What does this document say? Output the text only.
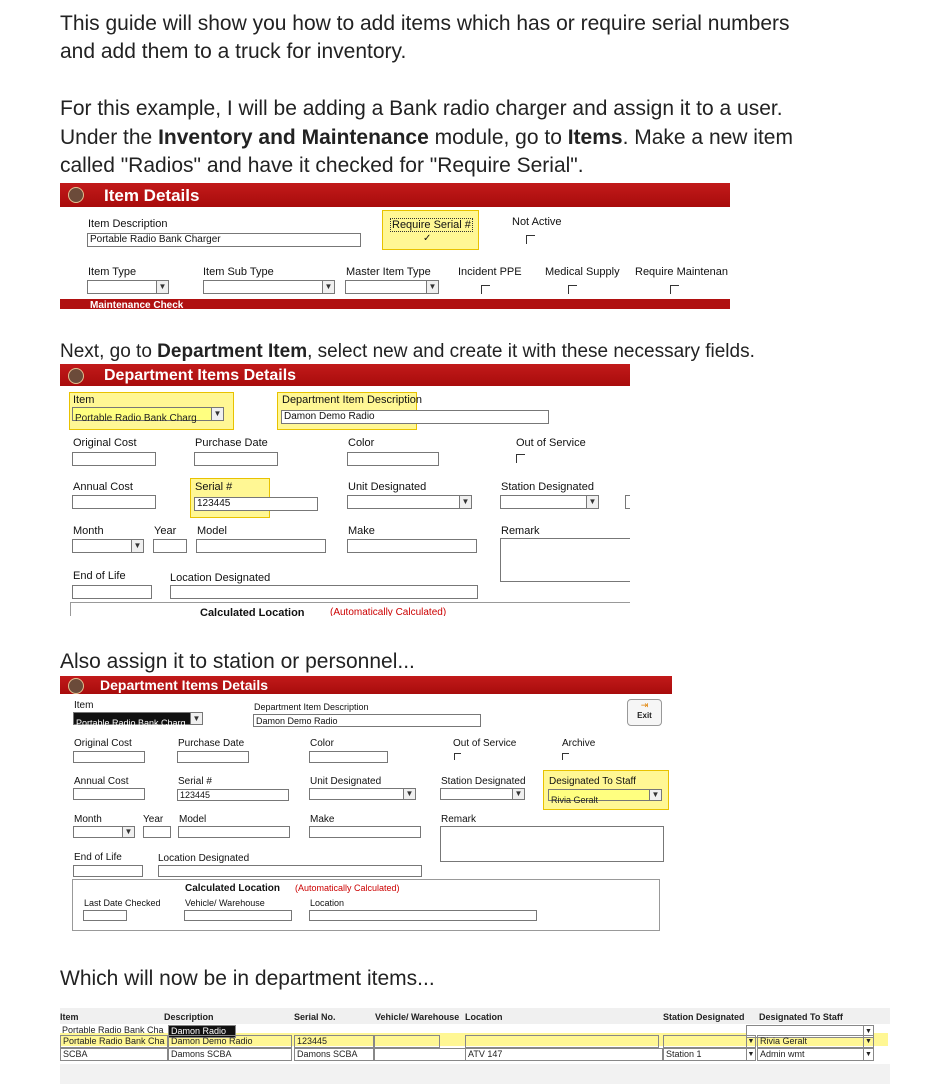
This guide will show you how to add items which has or require serial numbers

and add them to a truck for inventory.

For this example, I will be adding a Bank radio charger and assign it to a user.

Under the Inventory and Maintenance module, go to Items. Make a new item

called "Radios" and have it checked for "Require Serial".

Item Details
Item Description
Portable Radio Bank Charger
Require Serial #
✓
Not Active
Item Type
▼
Item Sub Type
▼
Master Item Type
▼
Incident PPE Medical Supply Require Maintenan
Maintenance Check

Next, go to Department Item, select new and create it with these necessary fields.

Department Items Details
Item
Portable Radio Bank Charg	▼
Department Item Description
Damon Demo Radio
Original Cost	Purchase Date	Color	Out of Service
Annual Cost	Serial #
123445
Unit Designated
▼
Station Designated
▼
Month
▼
Year Model	Make	Remark
End of Life	Location Designated
Calculated Location	(Automatically Calculated)

Also assign it to station or personnel...

Department Items Details
Item
Portable Radio Bank Charg ▼
Department Item Description
Damon Demo Radio
⇥
Exit
Original Cost	Purchase Date	Color	Out of Service	Archive
Annual Cost	Serial #
123445
Unit Designated
▼
Station Designated
▼
Designated To Staff
Rivia Geralt
▼
Month
▼
Year Model	Make	Remark
End of Life	Location Designated
Calculated Location (Automatically Calculated)
Last Date Checked	Vehicle/ Warehouse	Location

Which will now be in department items...

Item	Description	Serial No.	Vehicle/ Warehouse Location	Station Designated Designated To Staff
Portable Radio Bank Cha Damon Radio	▼
Portable Radio Bank Cha Damon Demo Radio	123445	▼ Rivia Geralt	▼
SCBA	Damons SCBA	Damons SCBA	ATV 147	Station 1	▼ Admin wmt	▼
